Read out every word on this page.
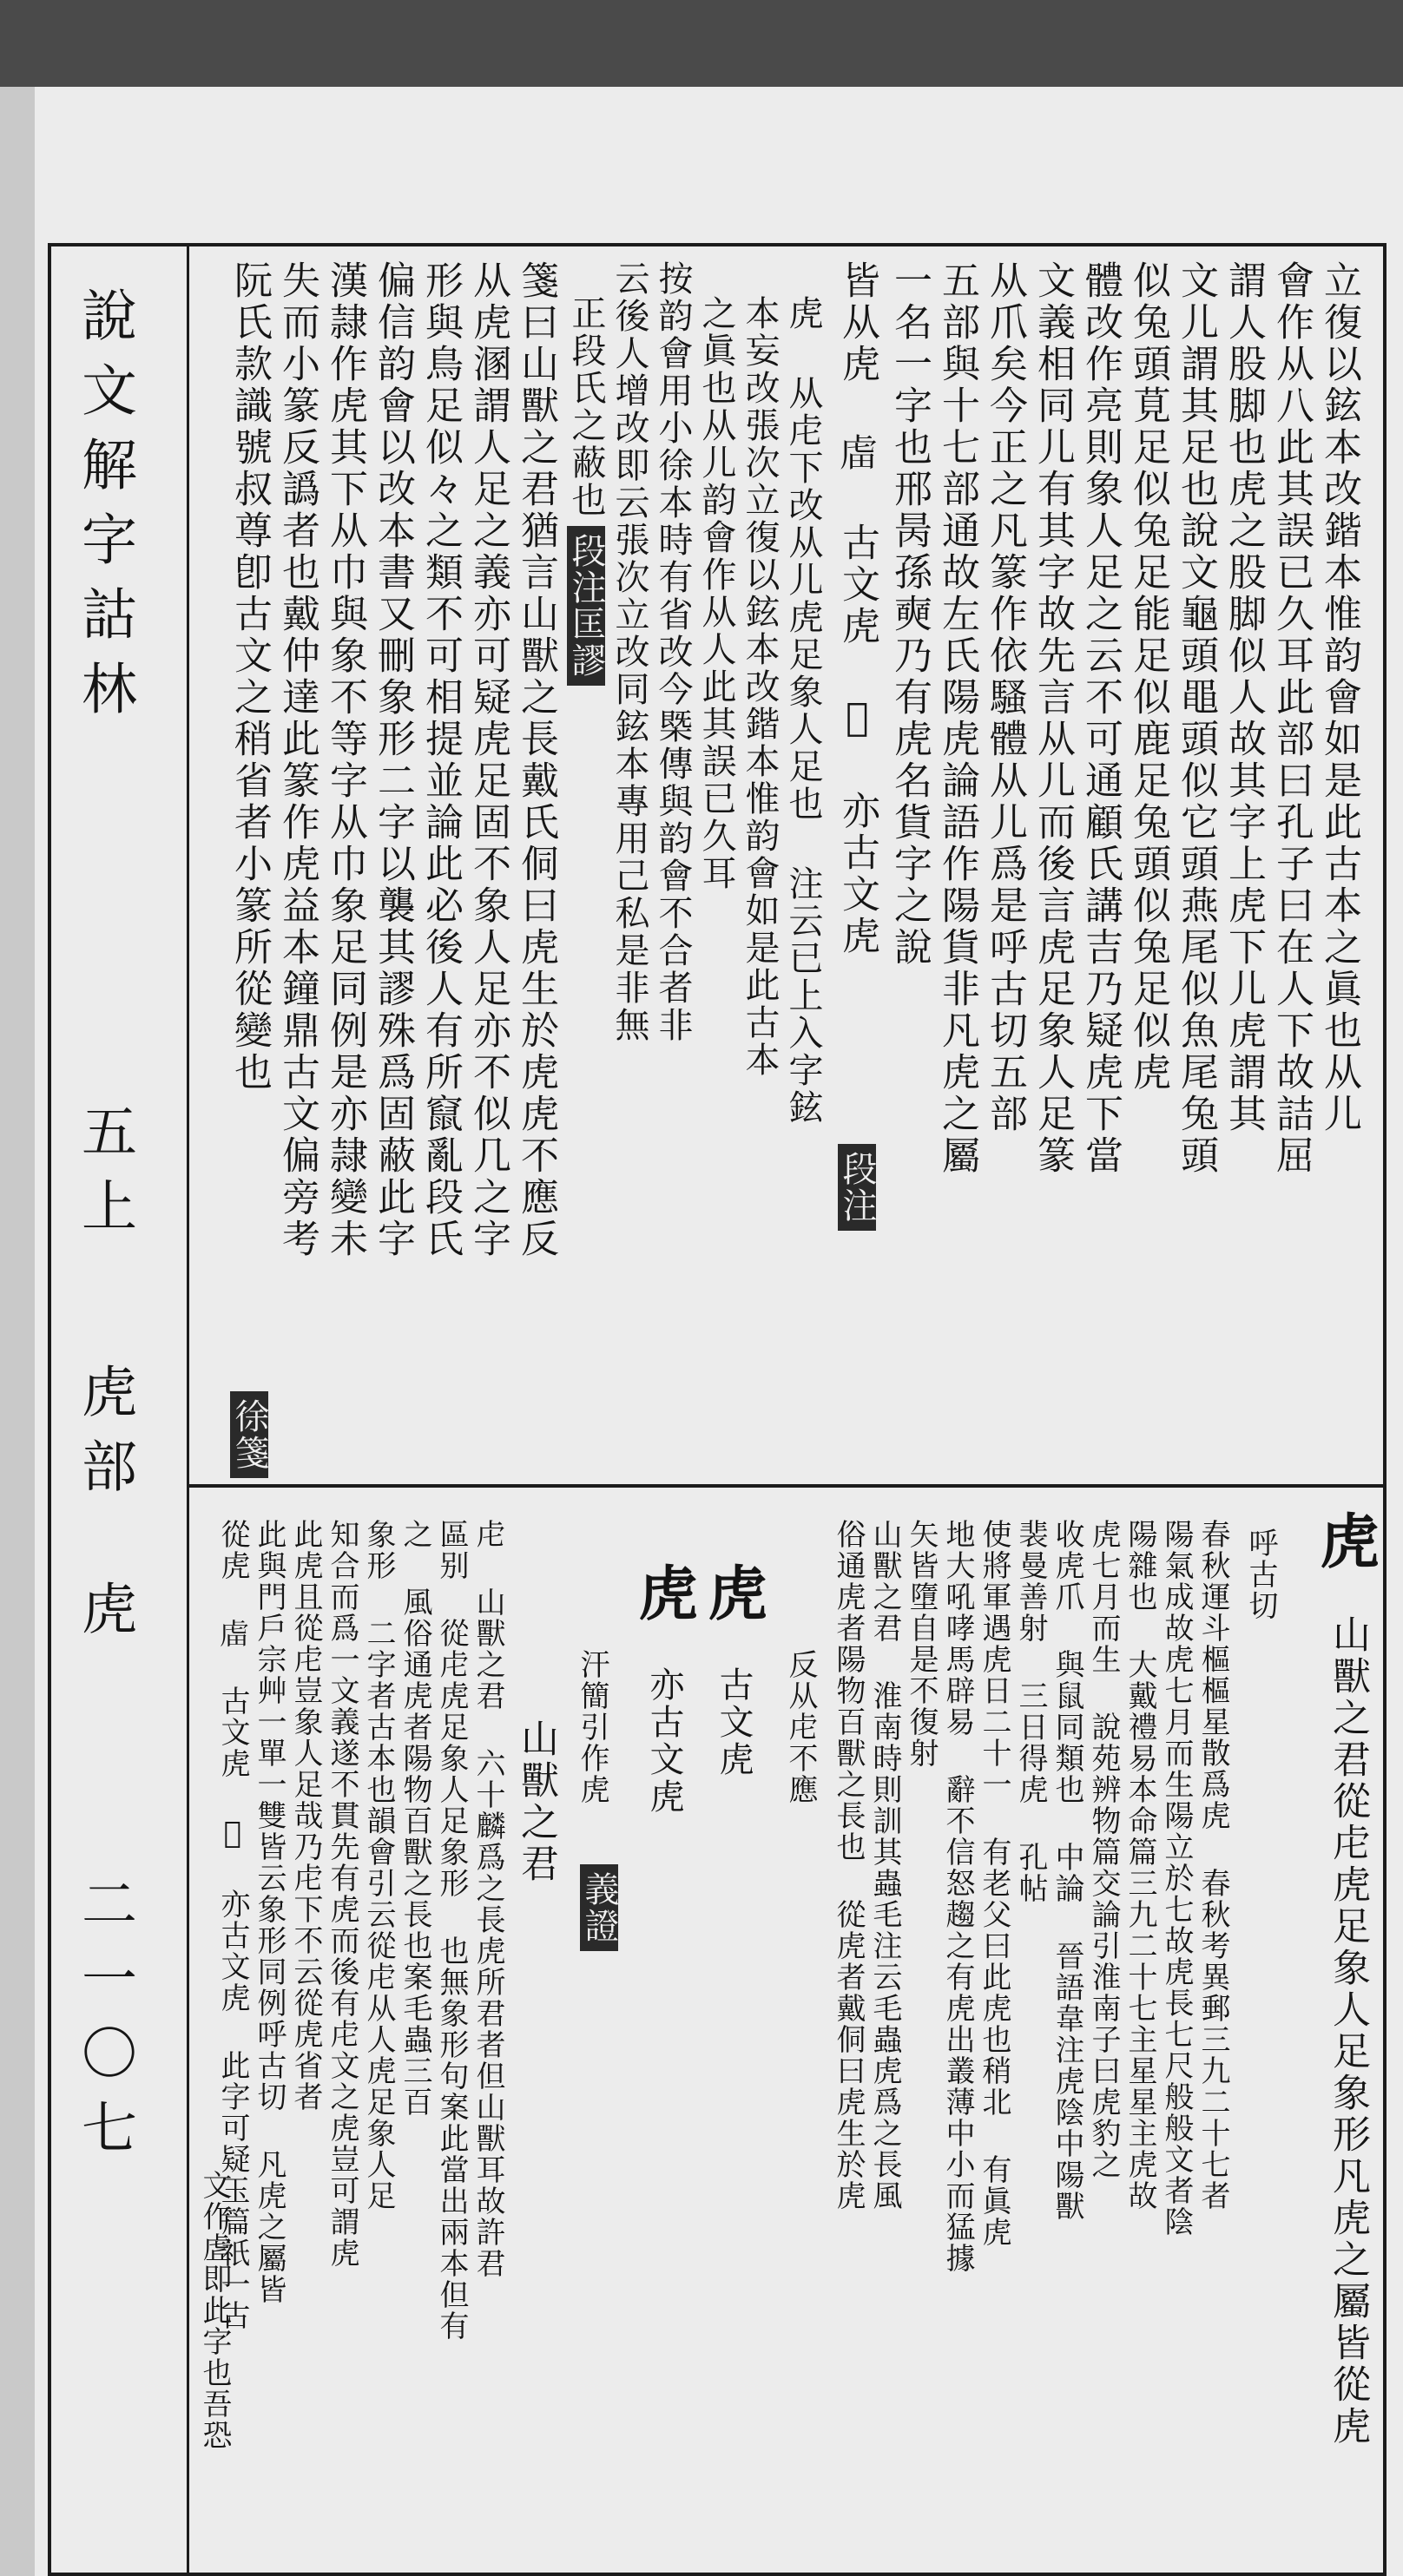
說文解字詁林
五上
虎部
虎
二一〇七
立復以鉉本改鍇本惟韵會如是此古本之眞也从儿
會作从八此其誤已久耳此部曰孔子曰在人下故詰屈
謂人股脚也虎之股脚似人故其字上虎下儿虎謂其
文儿謂其足也說文龜頭黽頭似它頭燕尾似魚尾兔頭
似兔頭莧足似兔足能足似鹿足兔頭似兔足似虎
體改作亮則象人足之云不可通顧氏講吉乃疑虎下當
文義相同儿有其字故先言从儿而後言虎足象人足篆
从爪矣今正之凡篆作依騷體从儿爲是呼古切五部
五部與十七部通故左氏陽虎論語作陽貨非凡虎之屬
一名一字也邢昺孫奭乃有虎名貨字之說
皆从虎 𧆨 古文虎 𠨄 亦古文虎
段注
虎 从虍下改从儿虎足象人足也 注云已上入字鉉
本妄改張次立復以鉉本改鍇本惟韵會如是此古本
之眞也从儿韵會作从人此其誤已久耳
按韵會用小徐本時有省改今槩傳與韵會不合者非
云後人增改即云張次立改同鉉本專用己私是非無
正段氏之蔽也段注匡謬
箋曰山獸之君猶言山獸之長戴氏侗曰虎生於虎虎不應反
从虎溷謂人足之義亦可疑虎足固不象人足亦不似几之字
形與鳥足似々之類不可相提並論此必後人有所竄亂段氏
偏信韵會以改本書又刪象形二字以襲其謬殊爲固蔽此字
漢隷作虎其下从巾與象不等字从巾象足同例是亦隷變未
失而小篆反譌者也戴仲達此篆作虎益本鐘鼎古文偏旁考
阮氏款識號叔尊卽古文之稍省者小篆所從變也
徐箋
虎
山獸之君從虍虎足象人足象形凡虎之屬皆從虎
呼古切
春秋運斗樞樞星散爲虎 春秋考異郵三九二十七者
陽氣成故虎七月而生陽立於七故虎長七尺般般文者陰
陽雜也 大戴禮易本命篇三九二十七主星星主虎故
虎七月而生 說苑辨物篇交論引淮南子曰虎豹之
收虎爪 與鼠同類也 中論 晉語韋注虎陰中陽獸
裴曼善射 三日得虎 孔帖
使將軍遇虎日二十一 有老父曰此虎也稍北 有眞虎
地大吼哮馬辟易 辭不信怒趨之有虎出叢薄中小而猛據
矢皆墮自是不復射
山獸之君 淮南時則訓其蟲毛注云毛蟲虎爲之長風
俗通虎者陽物百獸之長也 從虎者戴侗曰虎生於虎
反从虍不應
虎
古文虎
虎
亦古文虎
汗簡引作虎
義證
山獸之君
虍 山獸之君 六十麟爲之長虎所君者但山獸耳故許君
區别 從虍虎足象人足象形 也無象形句案此當出兩本但有
之 風俗通虎者陽物百獸之長也案毛蟲三百
象形 二字者古本也韻會引云從虍从人虎足象人足
知合而爲一文義遂不貫先有虎而後有虍文之虎豈可謂虎
此虎且從虍豈象人足哉乃虍下不云從虎省者
此與門戶宗艸一單一雙皆云象形同例呼古切 凡虎之屬皆
從虎 𧆨 古文虎 𠨄 亦古文虎 此字可疑玉篇祇一古
文作虗即此字也吾恐
